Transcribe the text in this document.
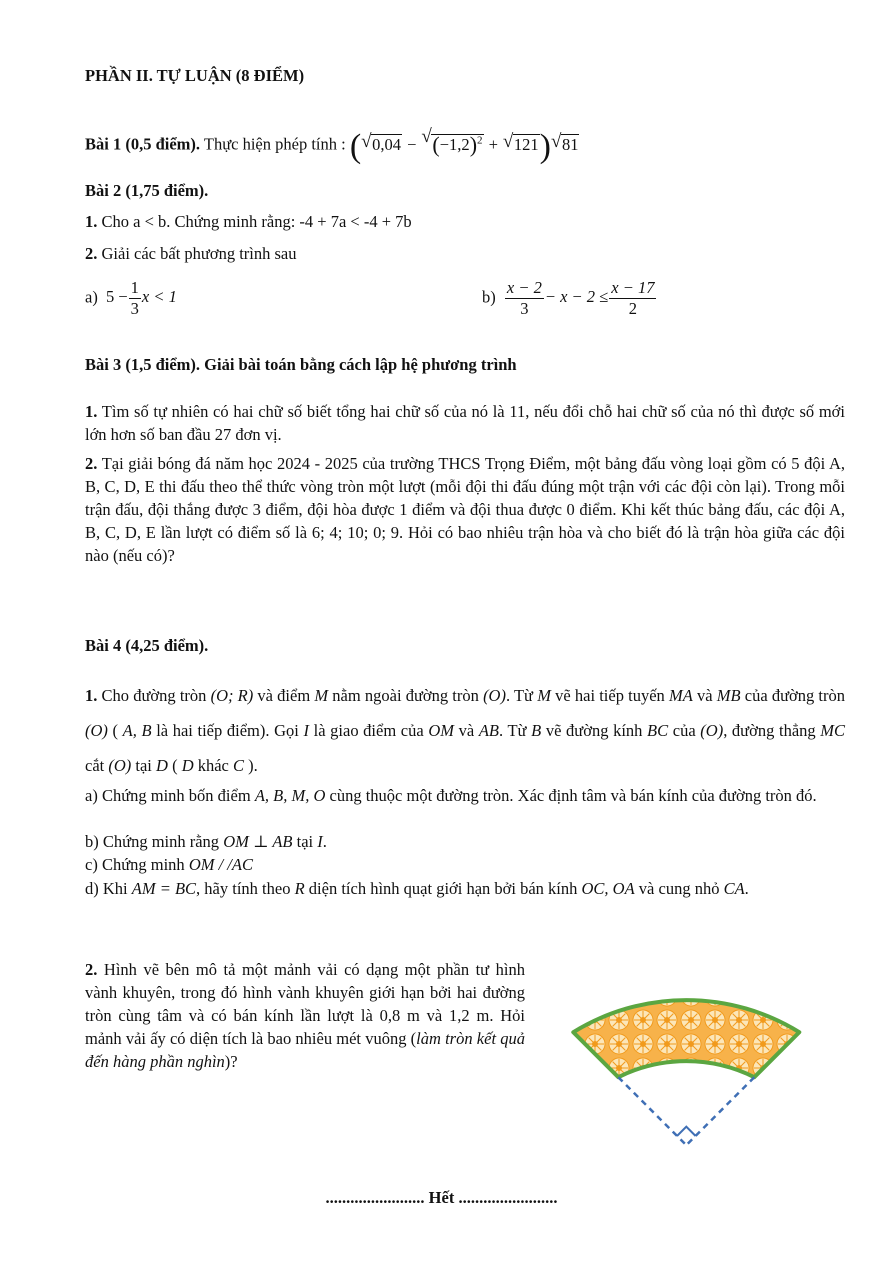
PHẦN II. TỰ LUẬN (8 ĐIỂM)
Bài 1 (0,5 điểm). Thực hiện phép tính : ( √ 0,04 − √ $(-1,2)^2$ + √ 121) √ 81
Bài 2 (1,75 điểm).
1. Cho a < b. Chứng minh rằng: -4 + 7a < -4 + 7b
2. Giải các bất phương trình sau
a) $5 - \frac{1}{3}$ x < 1	$b) \frac{x - 2}{3} - x - 2 \le \frac{x - 17}{2}$
Bài 3 (1,5 điểm). Giải bài toán bằng cách lập hệ phương trình
1. Tìm số tự nhiên có hai chữ số biết tổng hai chữ số của nó là 11, nếu đổi chỗ hai chữ số của nó thì được số mới lớn hơn số ban đầu 27 đơn vị.
2. Tại giải bóng đá năm học 2024 - 2025 của trường THCS Trọng Điểm, một bảng đấu vòng loại gồm có 5 đội A, B, C, D, E thi đấu theo thể thức vòng tròn một lượt (mỗi đội thi đấu đúng một trận với các đội còn lại). Trong mỗi trận đấu, đội thắng được 3 điểm, đội hòa được 1 điểm và đội thua được 0 điểm. Khi kết thúc bảng đấu, các đội A, B, C, D, E lần lượt có điểm số là 6; 4; 10; 0; 9. Hỏi có bao nhiêu trận hòa và cho biết đó là trận hòa giữa các đội nào (nếu có)?
Bài 4 (4,25 điểm).
1. Cho đường tròn (O; R) và điểm M nằm ngoài đường tròn (O). Từ M vẽ hai tiếp tuyến MA và MB của đường tròn (O) ( A, B là hai tiếp điểm). Gọi I là giao điểm của OM và AB. Từ B vẽ đường kính BC của (O), đường thẳng MC cắt (O) tại D ( D khác C ).
a) Chứng minh bốn điểm A, B, M, O cùng thuộc một đường tròn. Xác định tâm và bán kính của đường tròn đó.
b) Chứng minh rằng OM ⊥ AB tại I.
c) Chứng minh OM / /AC
d) Khi AM = BC, hãy tính theo R diện tích hình quạt giới hạn bởi bán kính OC, OA và cung nhỏ CA.
2. Hình vẽ bên mô tả một mảnh vải có dạng một phần tư hình vành khuyên, trong đó hình vành khuyên giới hạn bởi hai đường tròn cùng tâm và có bán kính lần lượt là 0,8 m và 1,2 m. Hỏi mảnh vải ấy có diện tích là bao nhiêu mét vuông (làm tròn kết quả đến hàng phần nghìn)?
........................ Hết ........................
